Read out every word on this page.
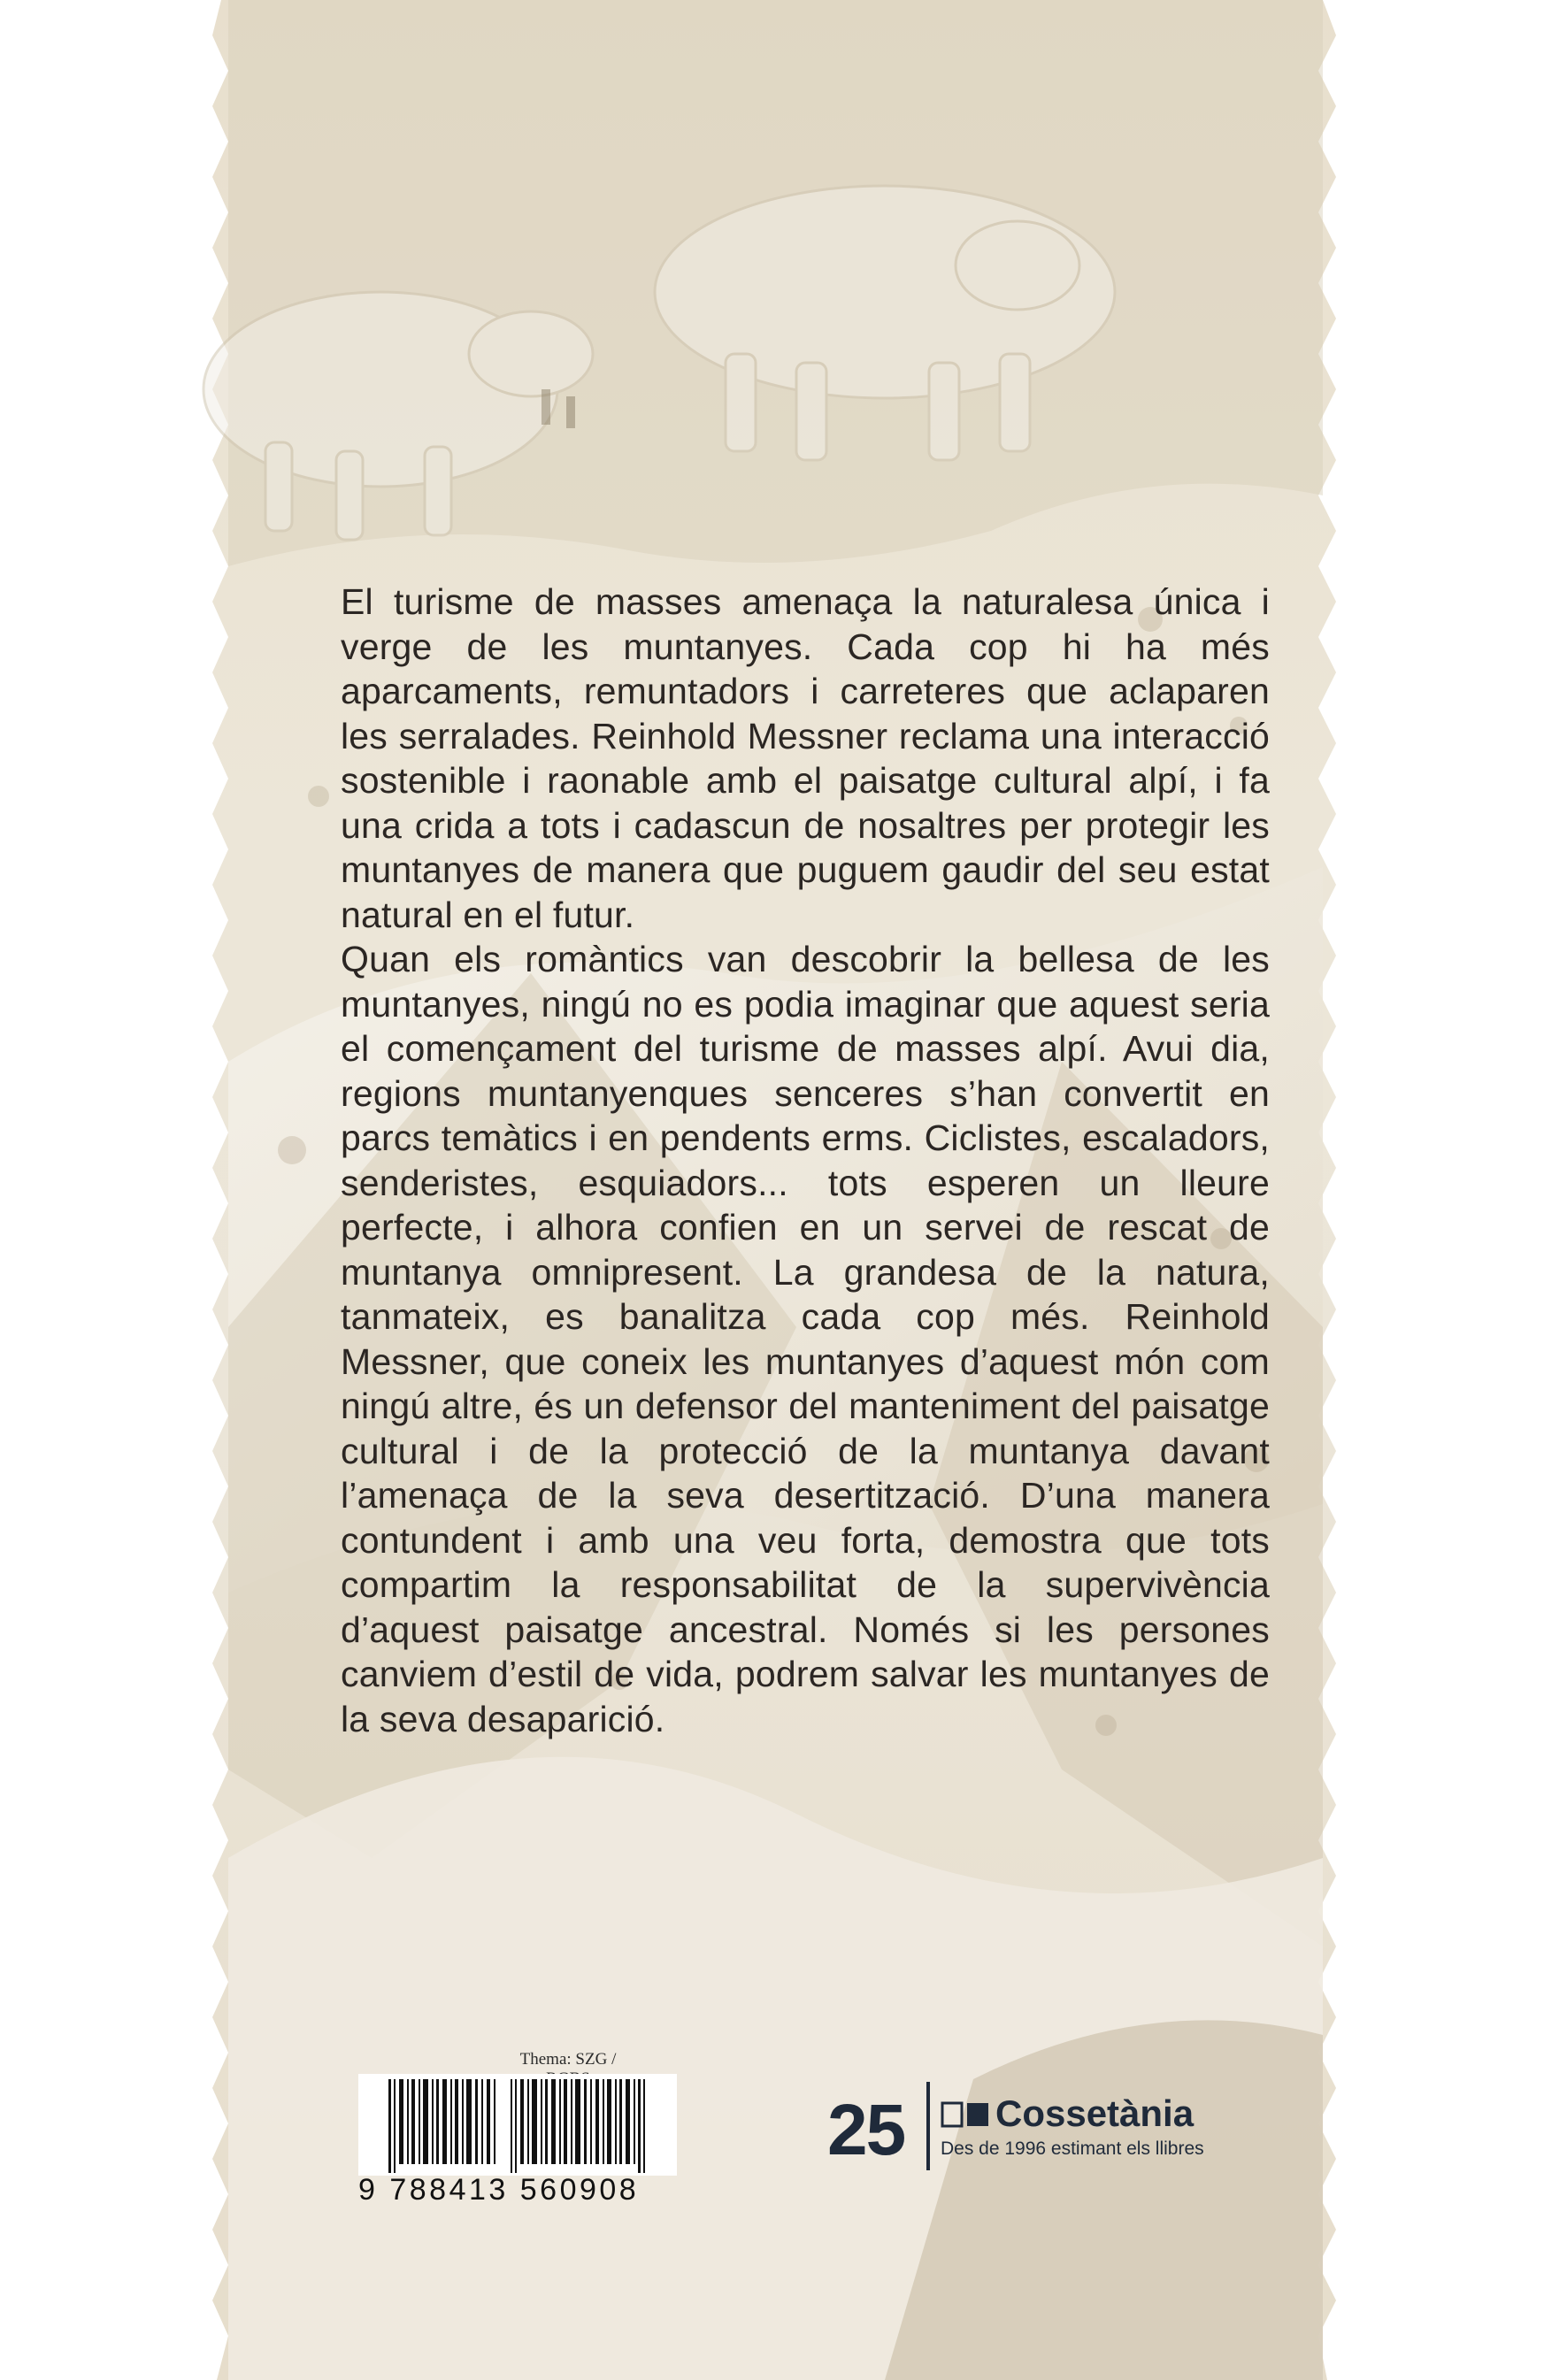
El turisme de masses amenaça la naturalesa única i verge de les muntanyes. Cada cop hi ha més aparcaments, remuntadors i carreteres que aclaparen les serralades. Reinhold Messner reclama una interacció sostenible i raonable amb el paisatge cultural alpí, i fa una crida a tots i cadascun de nosaltres per protegir les muntanyes de manera que puguem gaudir del seu estat natural en el futur.

Quan els romàntics van descobrir la bellesa de les muntanyes, ningú no es podia imaginar que aquest seria el començament del turisme de masses alpí. Avui dia, regions muntanyenques senceres s’han convertit en parcs temàtics i en pendents erms. Ciclistes, escaladors, senderistes, esquiadors... tots esperen un lleure perfecte, i alhora confien en un servei de rescat de muntanya omnipresent. La grandesa de la natura, tanmateix, es banalitza cada cop més. Reinhold Messner, que coneix les muntanyes d’aquest món com ningú altre, és un defensor del manteniment del paisatge cultural i de la protecció de la muntanya davant l’amenaça de la seva desertització. D’una manera contundent i amb una veu forta, demostra que tots compartim la responsabilitat de la supervivència d’aquest paisatge ancestral. Només si les persones canviem d’estil de vida, podrem salvar les muntanyes de la seva desaparició.

Thema: SZG /
9 788413 560908
25 Cossetània
Des de 1996 estimant els llibres
